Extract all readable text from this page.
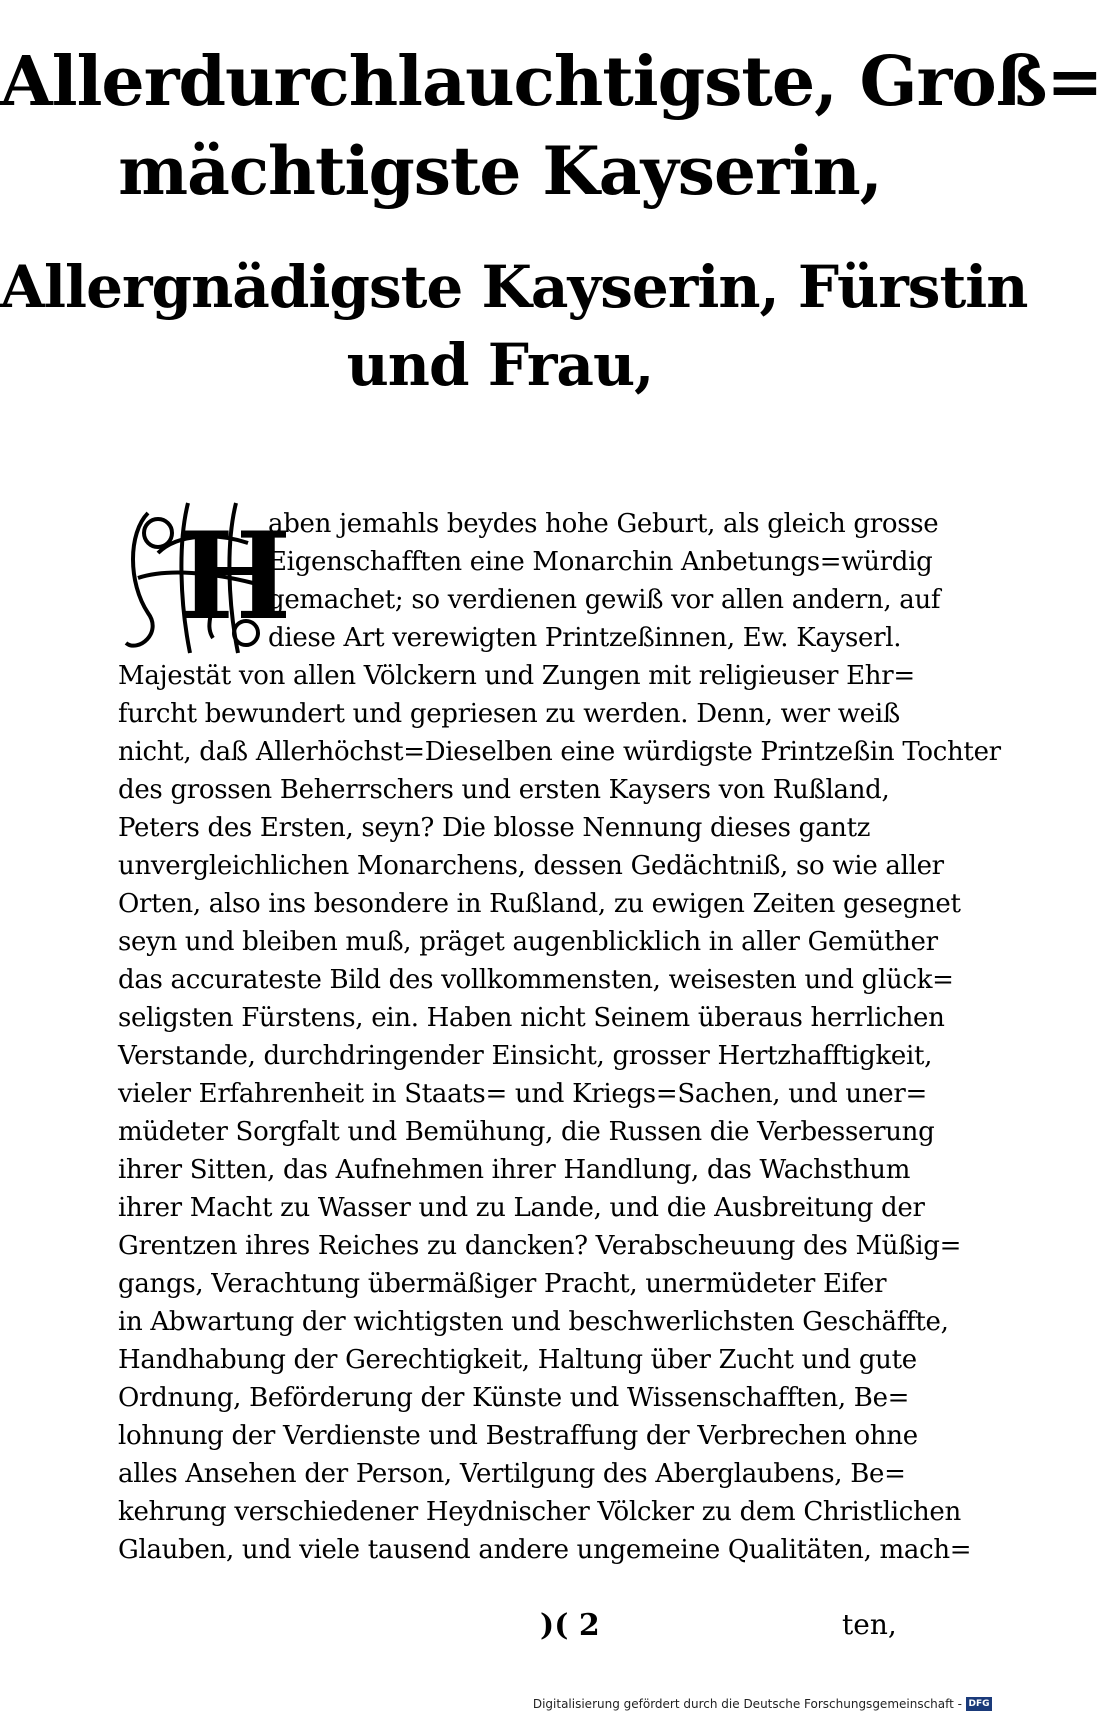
Allerdurchlauchtigste, Groß=
mächtigste Kayserin,
Allergnädigste Kayserin, Fürstin
und Frau,
H
aben jemahls beydes hohe Geburt, als gleich grosse
Eigenschafften eine Monarchin Anbetungs=würdig
gemachet; so verdienen gewiß vor allen andern, auf
diese Art verewigten Printzeßinnen, Ew. Kayserl.
Majestät von allen Völckern und Zungen mit religieuser Ehr=
furcht bewundert und gepriesen zu werden. Denn, wer weiß
nicht, daß Allerhöchst=Dieselben eine würdigste Printzeßin Tochter
des grossen Beherrschers und ersten Kaysers von Rußland,
Peters des Ersten, seyn? Die blosse Nennung dieses gantz
unvergleichlichen Monarchens, dessen Gedächtniß, so wie aller
Orten, also ins besondere in Rußland, zu ewigen Zeiten gesegnet
seyn und bleiben muß, präget augenblicklich in aller Gemüther
das accurateste Bild des vollkommensten, weisesten und glück=
seligsten Fürstens, ein. Haben nicht Seinem überaus herrlichen
Verstande, durchdringender Einsicht, grosser Hertzhafftigkeit,
vieler Erfahrenheit in Staats= und Kriegs=Sachen, und uner=
müdeter Sorgfalt und Bemühung, die Russen die Verbesserung
ihrer Sitten, das Aufnehmen ihrer Handlung, das Wachsthum
ihrer Macht zu Wasser und zu Lande, und die Ausbreitung der
Grentzen ihres Reiches zu dancken? Verabscheuung des Müßig=
gangs, Verachtung übermäßiger Pracht, unermüdeter Eifer
in Abwartung der wichtigsten und beschwerlichsten Geschäffte,
Handhabung der Gerechtigkeit, Haltung über Zucht und gute
Ordnung, Beförderung der Künste und Wissenschafften, Be=
lohnung der Verdienste und Bestraffung der Verbrechen ohne
alles Ansehen der Person, Vertilgung des Aberglaubens, Be=
kehrung verschiedener Heydnischer Völcker zu dem Christlichen
Glauben, und viele tausend andere ungemeine Qualitäten, mach=
)( 2	ten,
Digitalisierung gefördert durch die Deutsche Forschungsgemeinschaft - DFG
